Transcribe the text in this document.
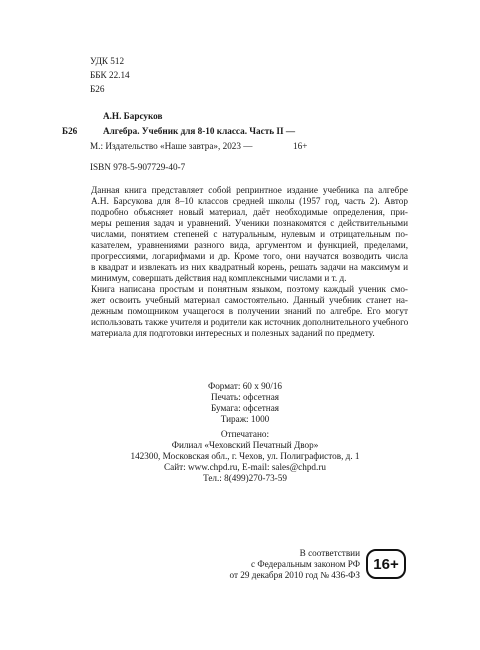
УДК 512
ББК 22.14
Б26
А.Н. Барсуков
Б26	Алгебра. Учебник для 8-10 класса. Часть II —
М.: Издательство «Наше завтра», 2023 —	16+
ISBN 978-5-907729-40-7

Данная книга представляет собой репринтное издание учебника па алгебре
А.Н. Барсукова для 8–10 классов средней школы (1957 год, часть 2). Автор
подробно объясняет новый материал, даёт необходимые определения, при-
меры решения задач и уравнений. Ученики познакомятся с действительными
числами, понятием степеней с натуральным, нулевым и отрицательным по-
казателем, уравнениями разного вида, аргументом и функцией, пределами,
прогрессиями, логарифмами и др. Кроме того, они научатся возводить числа
в квадрат и извлекать из них квадратный корень, решать задачи на максимум и
минимум, совершать действия над комплексными числами и т. д.

Книга написана простым и понятным языком, поэтому каждый ученик смо-
жет освоить учебный материал самостоятельно. Данный учебник станет на-
дежным помощником учащегося в получении знаний по алгебре. Его могут
использовать также учителя и родители как источник дополнительного учебного
материала для подготовки интересных и полезных заданий по предмету.

Формат: 60 x 90/16
Печать: офсетная
Бумага: офсетная
Тираж: 1000
Отпечатано:
Филиал «Чеховский Печатный Двор»
142300, Московская обл., г. Чехов, ул. Полиграфистов, д. 1
Сайт: www.chpd.ru, E-mail: sales@chpd.ru
Тел.: 8(499)270-73-59
В соответствии
с Федеральным законом РФ
от 29 декабря 2010 год № 436-ФЗ
16+
